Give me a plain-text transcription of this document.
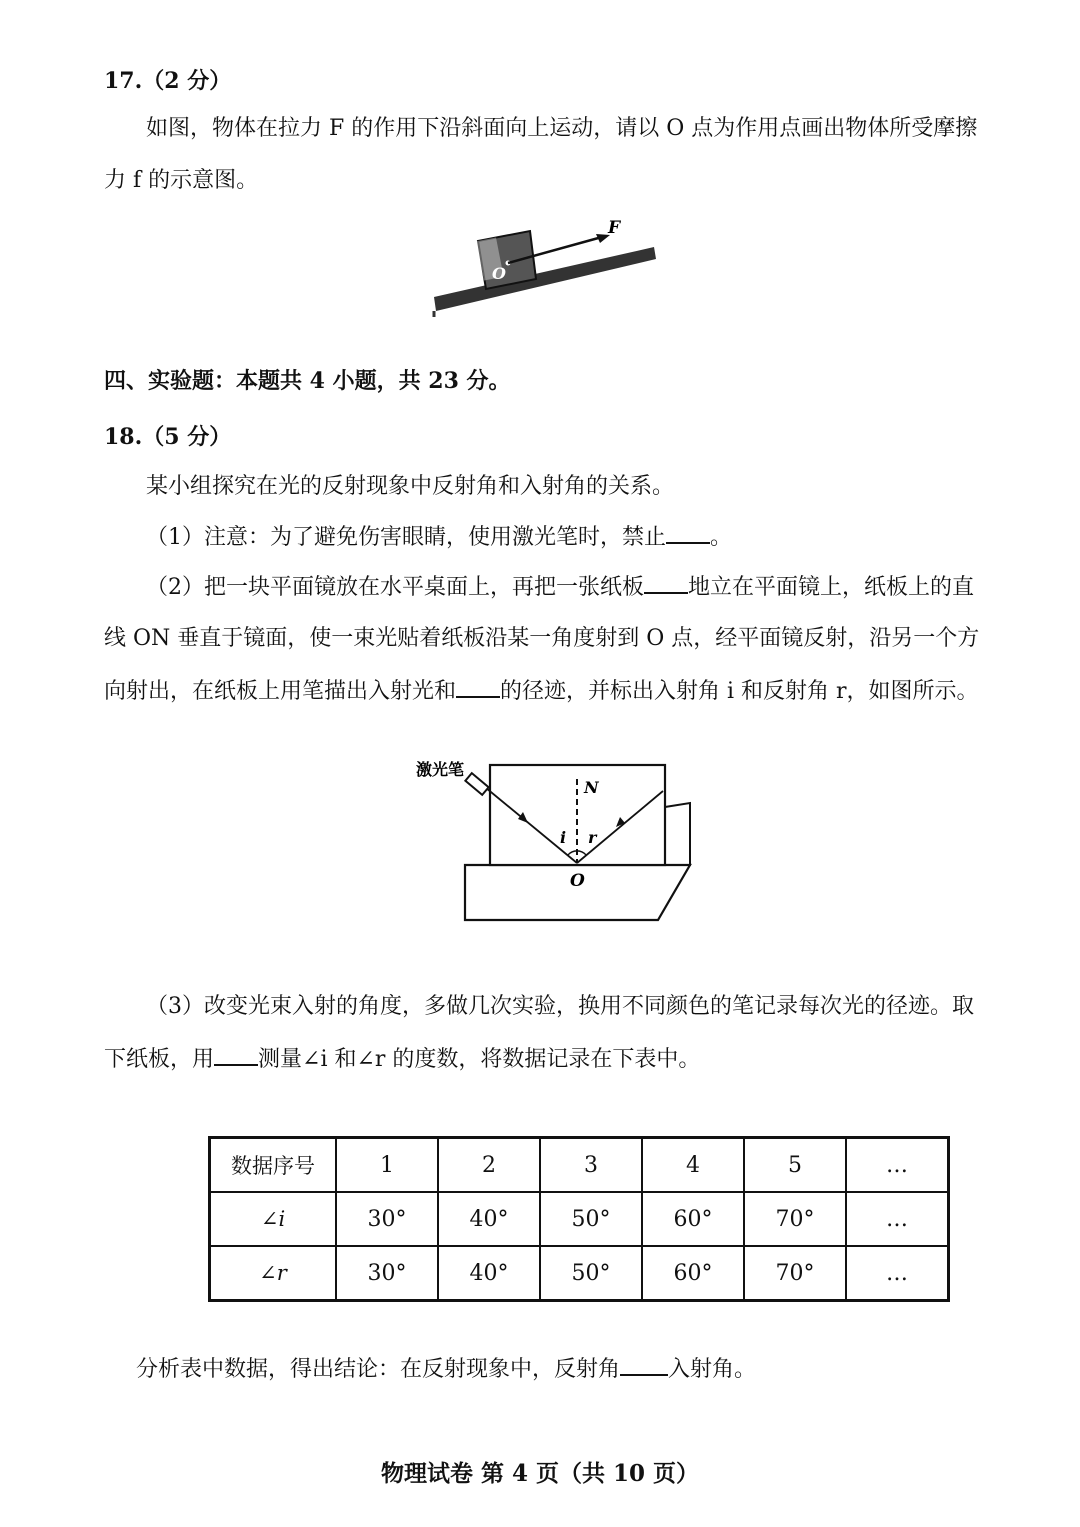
17.（2 分）
如图，物体在拉力 F 的作用下沿斜面向上运动，请以 O 点为作用点画出物体所受摩擦
力 f 的示意图。
F
O
四、实验题：本题共 4 小题，共 23 分。
18.（5 分）
某小组探究在光的反射现象中反射角和入射角的关系。
（1）注意：为了避免伤害眼睛，使用激光笔时，禁止 。
（2）把一块平面镜放在水平桌面上，再把一张纸板 地立在平面镜上，纸板上的直
线 ON 垂直于镜面，使一束光贴着纸板沿某一角度射到 O 点，经平面镜反射，沿另一个方
向射出，在纸板上用笔描出入射光和 的径迹，并标出入射角 i 和反射角 r，如图所示。
激光笔
N
i r
O
（3）改变光束入射的角度，多做几次实验，换用不同颜色的笔记录每次光的径迹。取
下纸板，用 测量∠i 和∠r 的度数，将数据记录在下表中。
数据序号	1	2	3	4	5	…
∠i	30°	40°	50°	60°	70°	…
∠r	30°	40°	50°	60°	70°	…
分析表中数据，得出结论：在反射现象中，反射角 入射角。
物理试卷 第 4 页（共 10 页）
